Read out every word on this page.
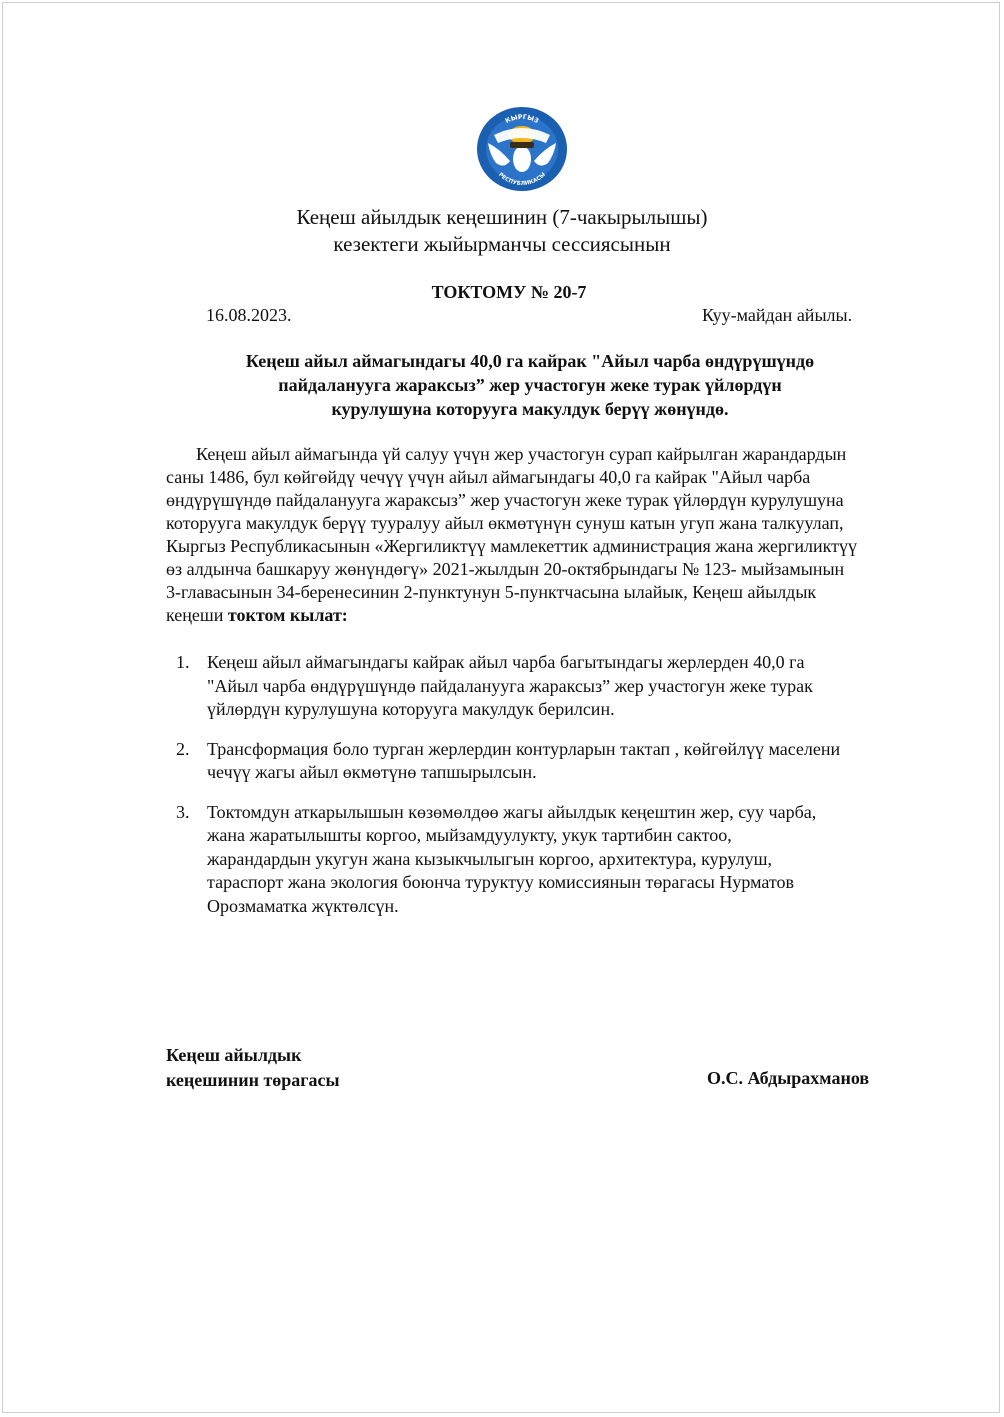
КЫРГЫЗ
РЕСПУБЛИКАСЫ
Кеңеш айылдык кеңешинин (7-чакырылышы)
кезектеги жыйырманчы сессиясынын
ТОКТОМУ № 20-7
16.08.2023.	Куу-майдан айылы.
Кеңеш айыл аймагындагы 40,0 га кайрак "Айыл чарба өндүрүшүндө
пайдаланууга жараксыз” жер участогун жеке турак үйлөрдүн
курулушуна которууга макулдук берүү жөнүндө.
Кеңеш айыл аймагында үй салуу үчүн жер участогун сурап кайрылган жарандардын
саны 1486, бул көйгөйдү чечүү үчүн айыл аймагындагы 40,0 га кайрак "Айыл чарба
өндүрүшүндө пайдаланууга жараксыз” жер участогун жеке турак үйлөрдүн курулушуна
которууга макулдук берүү тууралуу айыл өкмөтүнүн сунуш катын угуп жана талкуулап,
Кыргыз Республикасынын «Жергиликтүү мамлекеттик администрация жана жергиликтүү
өз алдынча башкаруу жөнүндөгү» 2021-жылдын 20-октябрындагы № 123- мыйзамынын
3-главасынын 34-беренесинин 2-пунктунун 5-пунктчасына ылайык, Кеңеш айылдык
кеңеши токтом кылат:
1. Кеңеш айыл аймагындагы кайрак айыл чарба багытындагы жерлерден 40,0 га
"Айыл чарба өндүрүшүндө пайдаланууга жараксыз” жер участогун жеке турак
үйлөрдүн курулушуна которууга макулдук берилсин.
2. Трансформация боло турган жерлердин контурларын тактап , көйгөйлүү маселени
чечүү жагы айыл өкмөтүнө тапшырылсын.
3. Токтомдун аткарылышын көзөмөлдөө жагы айылдык кеңештин жер, суу чарба,
жана жаратылышты коргоо, мыйзамдуулукту, укук тартибин сактоо,
жарандардын укугун жана кызыкчылыгын коргоо, архитектура, курулуш,
тараспорт жана экология боюнча туруктуу комиссиянын төрагасы Нурматов
Орозмаматка жүктөлсүн.
Кеңеш айылдык
кеңешинин төрагасы	О.С. Абдырахманов
